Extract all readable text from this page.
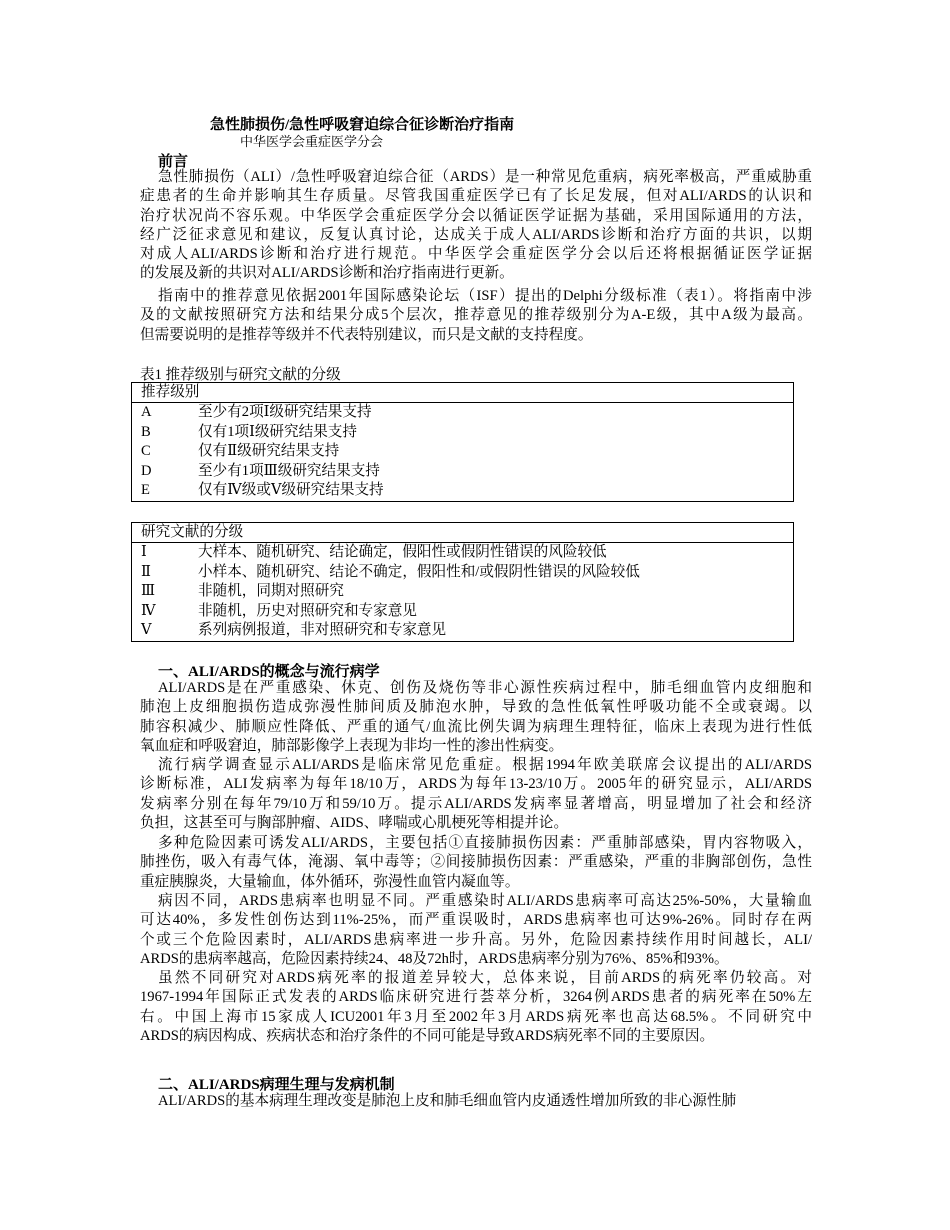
急性肺损伤/急性呼吸窘迫综合征诊断治疗指南
中华医学会重症医学分会
前言
急性肺损伤（ALI）/急性呼吸窘迫综合征（ARDS）是一种常见危重病，病死率极高，严重威胁重
症患者的生命并影响其生存质量。尽管我国重症医学已有了长足发展，但对ALI/ARDS的认识和
治疗状况尚不容乐观。中华医学会重症医学分会以循证医学证据为基础，采用国际通用的方法，
经广泛征求意见和建议，反复认真讨论，达成关于成人ALI/ARDS诊断和治疗方面的共识，以期
对成人ALI/ARDS诊断和治疗进行规范。中华医学会重症医学分会以后还将根据循证医学证据
的发展及新的共识对ALI/ARDS诊断和治疗指南进行更新。
指南中的推荐意见依据2001年国际感染论坛（ISF）提出的Delphi分级标准（表1）。将指南中涉
及的文献按照研究方法和结果分成5个层次，推荐意见的推荐级别分为A-E级，其中A级为最高。
但需要说明的是推荐等级并不代表特别建议，而只是文献的支持程度。
表1 推荐级别与研究文献的分级
推荐级别
A	至少有2项Ⅰ级研究结果支持
B	仅有1项Ⅰ级研究结果支持
C	仅有Ⅱ级研究结果支持
D	至少有1项Ⅲ级研究结果支持
E	仅有Ⅳ级或Ⅴ级研究结果支持
研究文献的分级
Ⅰ	大样本、随机研究、结论确定，假阳性或假阴性错误的风险较低
Ⅱ	小样本、随机研究、结论不确定，假阳性和/或假阴性错误的风险较低
Ⅲ	非随机，同期对照研究
Ⅳ	非随机，历史对照研究和专家意见
Ⅴ	系列病例报道，非对照研究和专家意见
一、ALI/ARDS的概念与流行病学
ALI/ARDS是在严重感染、休克、创伤及烧伤等非心源性疾病过程中，肺毛细血管内皮细胞和
肺泡上皮细胞损伤造成弥漫性肺间质及肺泡水肿，导致的急性低氧性呼吸功能不全或衰竭。以
肺容积减少、肺顺应性降低、严重的通气/血流比例失调为病理生理特征，临床上表现为进行性低
氧血症和呼吸窘迫，肺部影像学上表现为非均一性的渗出性病变。
流行病学调查显示ALI/ARDS是临床常见危重症。根据1994年欧美联席会议提出的ALI/ARDS
诊断标准，ALI发病率为每年18/10万，ARDS为每年13-23/10万。2005年的研究显示，ALI/ARDS
发病率分别在每年79/10万和59/10万。提示ALI/ARDS发病率显著增高，明显增加了社会和经济
负担，这甚至可与胸部肿瘤、AIDS、哮喘或心肌梗死等相提并论。
多种危险因素可诱发ALI/ARDS，主要包括①直接肺损伤因素：严重肺部感染，胃内容物吸入，
肺挫伤，吸入有毒气体，淹溺、氧中毒等；②间接肺损伤因素：严重感染，严重的非胸部创伤，急性
重症胰腺炎，大量输血，体外循环，弥漫性血管内凝血等。
病因不同，ARDS患病率也明显不同。严重感染时ALI/ARDS患病率可高达25%-50%，大量输血
可达40%，多发性创伤达到11%-25%，而严重误吸时，ARDS患病率也可达9%-26%。同时存在两
个或三个危险因素时，ALI/ARDS患病率进一步升高。另外，危险因素持续作用时间越长，ALI/
ARDS的患病率越高，危险因素持续24、48及72h时，ARDS患病率分别为76%、85%和93%。
虽然不同研究对ARDS病死率的报道差异较大，总体来说，目前ARDS的病死率仍较高。对
1967-1994年国际正式发表的ARDS临床研究进行荟萃分析，3264例ARDS患者的病死率在50%左
右。中国上海市15家成人ICU2001年3月至2002年3月ARDS病死率也高达68.5%。不同研究中
ARDS的病因构成、疾病状态和治疗条件的不同可能是导致ARDS病死率不同的主要原因。
二、ALI/ARDS病理生理与发病机制
ALI/ARDS的基本病理生理改变是肺泡上皮和肺毛细血管内皮通透性增加所致的非心源性肺
